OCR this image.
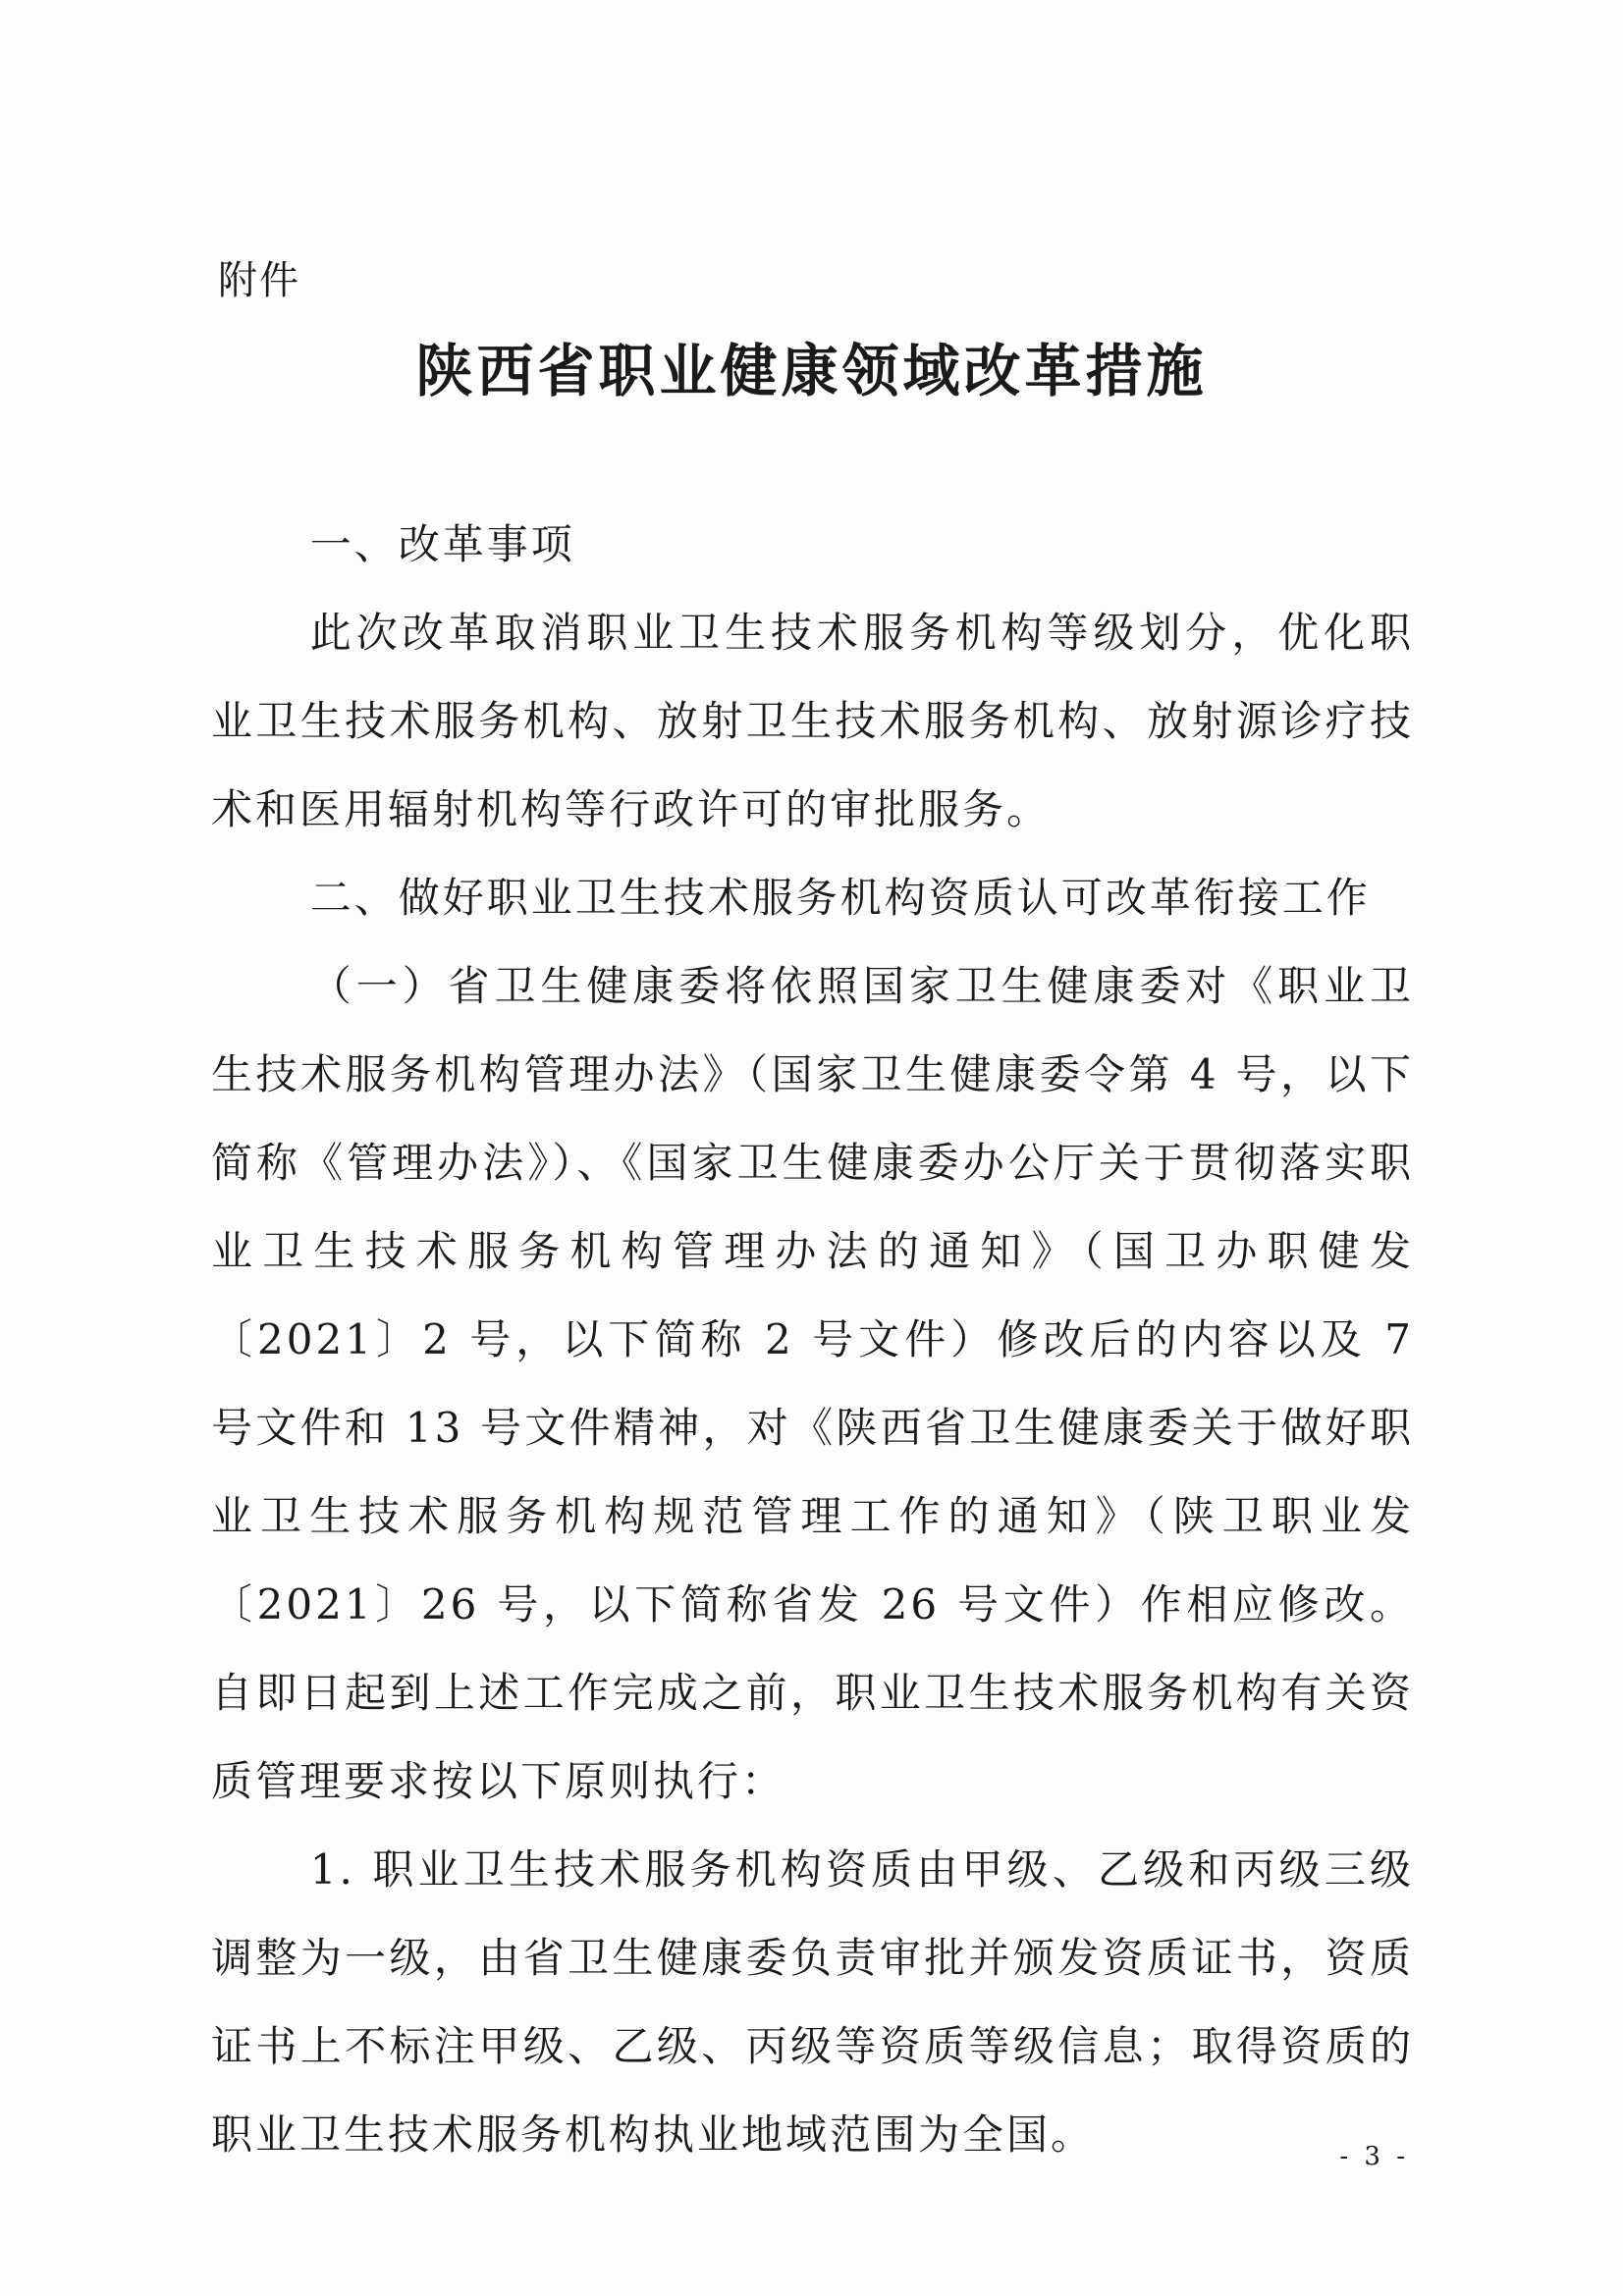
附件
陕西省职业健康领域改革措施

一、改革事项

此次改革取消职业卫生技术服务机构等级划分，优化职业卫生技术服务机构、放射卫生技术服务机构、放射源诊疗技术和医用辐射机构等行政许可的审批服务。

二、做好职业卫生技术服务机构资质认可改革衔接工作

（一）省卫生健康委将依照国家卫生健康委对《职业卫生技术服务机构管理办法》（国家卫生健康委令第 4 号，以下简称《管理办法》）、《国家卫生健康委办公厅关于贯彻落实职业卫生技术服务机构管理办法的通知》（国卫办职健发〔2021〕2 号，以下简称 2 号文件）修改后的内容以及 7 号文件和 13 号文件精神，对《陕西省卫生健康委关于做好职业卫生技术服务机构规范管理工作的通知》（陕卫职业发〔2021〕26 号，以下简称省发 26 号文件）作相应修改。自即日起到上述工作完成之前，职业卫生技术服务机构有关资质管理要求按以下原则执行：

1. 职业卫生技术服务机构资质由甲级、乙级和丙级三级调整为一级，由省卫生健康委负责审批并颁发资质证书，资质证书上不标注甲级、乙级、丙级等资质等级信息；取得资质的职业卫生技术服务机构执业地域范围为全国。	- 3 -
